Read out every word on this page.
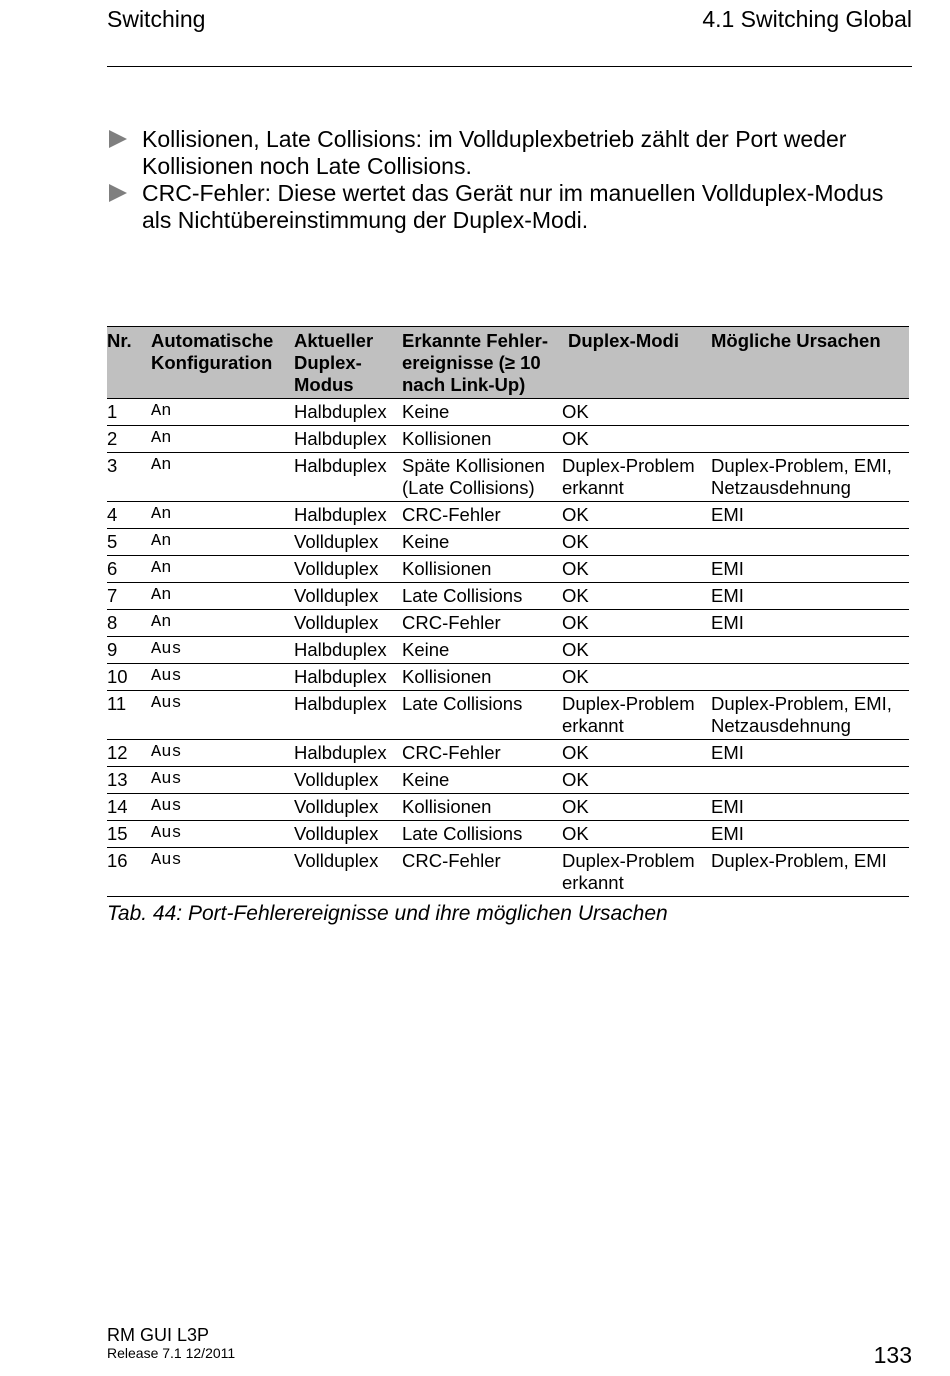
Switching	4.1 Switching Global
Kollisionen, Late Collisions: im Vollduplexbetrieb zählt der Port weder Kollisionen noch Late Collisions.
CRC-Fehler: Diese wertet das Gerät nur im manuellen Vollduplex-Modus als Nichtübereinstimmung der Duplex-Modi.
Nr.	Automatische Konfiguration	Aktueller Duplex-Modus	Erkannte Fehler-ereignisse (≥ 10 nach Link-Up)	Duplex-Modi	Mögliche Ursachen
1	An	Halbduplex	Keine	OK	
2	An	Halbduplex	Kollisionen	OK	
3	An	Halbduplex	Späte Kollisionen (Late Collisions)	Duplex-Problem erkannt	Duplex-Problem, EMI, Netzausdehnung
4	An	Halbduplex	CRC-Fehler	OK	EMI
5	An	Vollduplex	Keine	OK	
6	An	Vollduplex	Kollisionen	OK	EMI
7	An	Vollduplex	Late Collisions	OK	EMI
8	An	Vollduplex	CRC-Fehler	OK	EMI
9	Aus	Halbduplex	Keine	OK	
10	Aus	Halbduplex	Kollisionen	OK	
11	Aus	Halbduplex	Late Collisions	Duplex-Problem erkannt	Duplex-Problem, EMI, Netzausdehnung
12	Aus	Halbduplex	CRC-Fehler	OK	EMI
13	Aus	Vollduplex	Keine	OK	
14	Aus	Vollduplex	Kollisionen	OK	EMI
15	Aus	Vollduplex	Late Collisions	OK	EMI
16	Aus	Vollduplex	CRC-Fehler	Duplex-Problem erkannt	Duplex-Problem, EMI
Tab. 44: Port-Fehlerereignisse und ihre möglichen Ursachen
RM GUI L3P
Release 7.1 12/2011	133
